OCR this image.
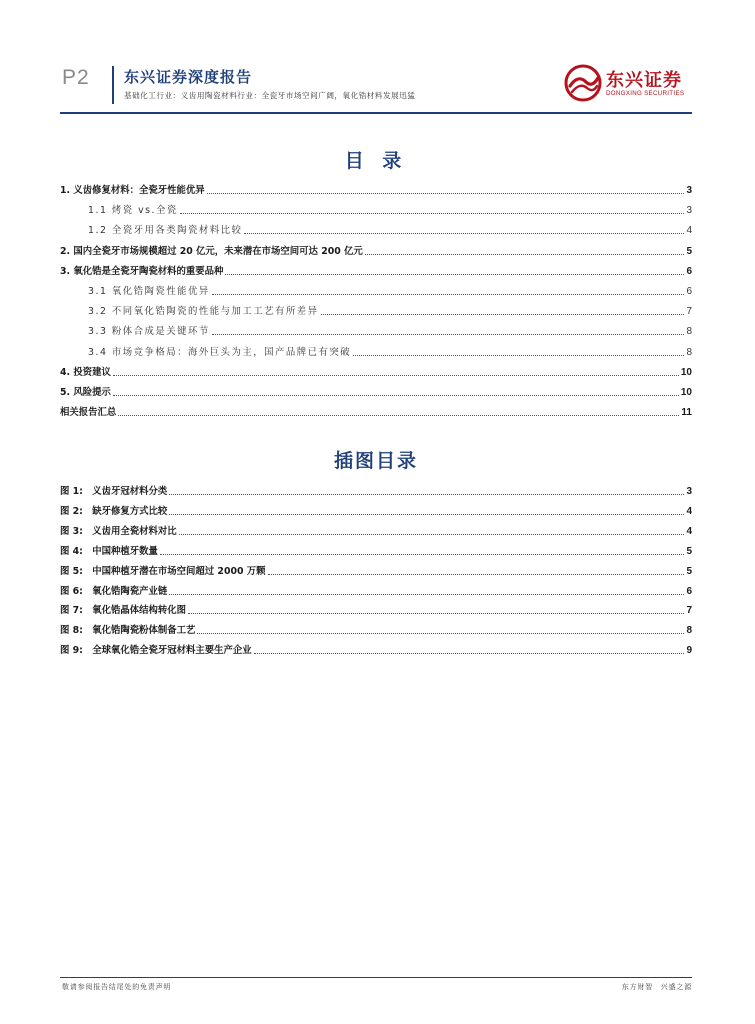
P2 东兴证券深度报告
基础化工行业：义齿用陶瓷材料行业：全瓷牙市场空间广阔，氧化锆材料发展迅猛
东兴证券
DONGXING SECURITIES
目 录
1. 义齿修复材料：全瓷牙性能优异	3
1.1 烤瓷 vs.全瓷	3
1.2 全瓷牙用各类陶瓷材料比较	4
2. 国内全瓷牙市场规模超过 20 亿元，未来潜在市场空间可达 200 亿元	5
3. 氧化锆是全瓷牙陶瓷材料的重要品种	6
3.1 氧化锆陶瓷性能优异	6
3.2 不同氧化锆陶瓷的性能与加工工艺有所差异	7
3.3 粉体合成是关键环节	8
3.4 市场竞争格局：海外巨头为主，国产品牌已有突破	8
4. 投资建议	10
5. 风险提示	10
相关报告汇总	11
插图目录
图 1:　义齿牙冠材料分类	3
图 2:　缺牙修复方式比较	4
图 3:　义齿用全瓷材料对比	4
图 4:　中国种植牙数量	5
图 5:　中国种植牙潜在市场空间超过 2000 万颗	5
图 6:　氧化锆陶瓷产业链	6
图 7:　氧化锆晶体结构转化图	7
图 8:　氧化锆陶瓷粉体制备工艺	8
图 9:　全球氧化锆全瓷牙冠材料主要生产企业	9
敬请参阅报告结尾处的免责声明	东方财智　兴盛之源
